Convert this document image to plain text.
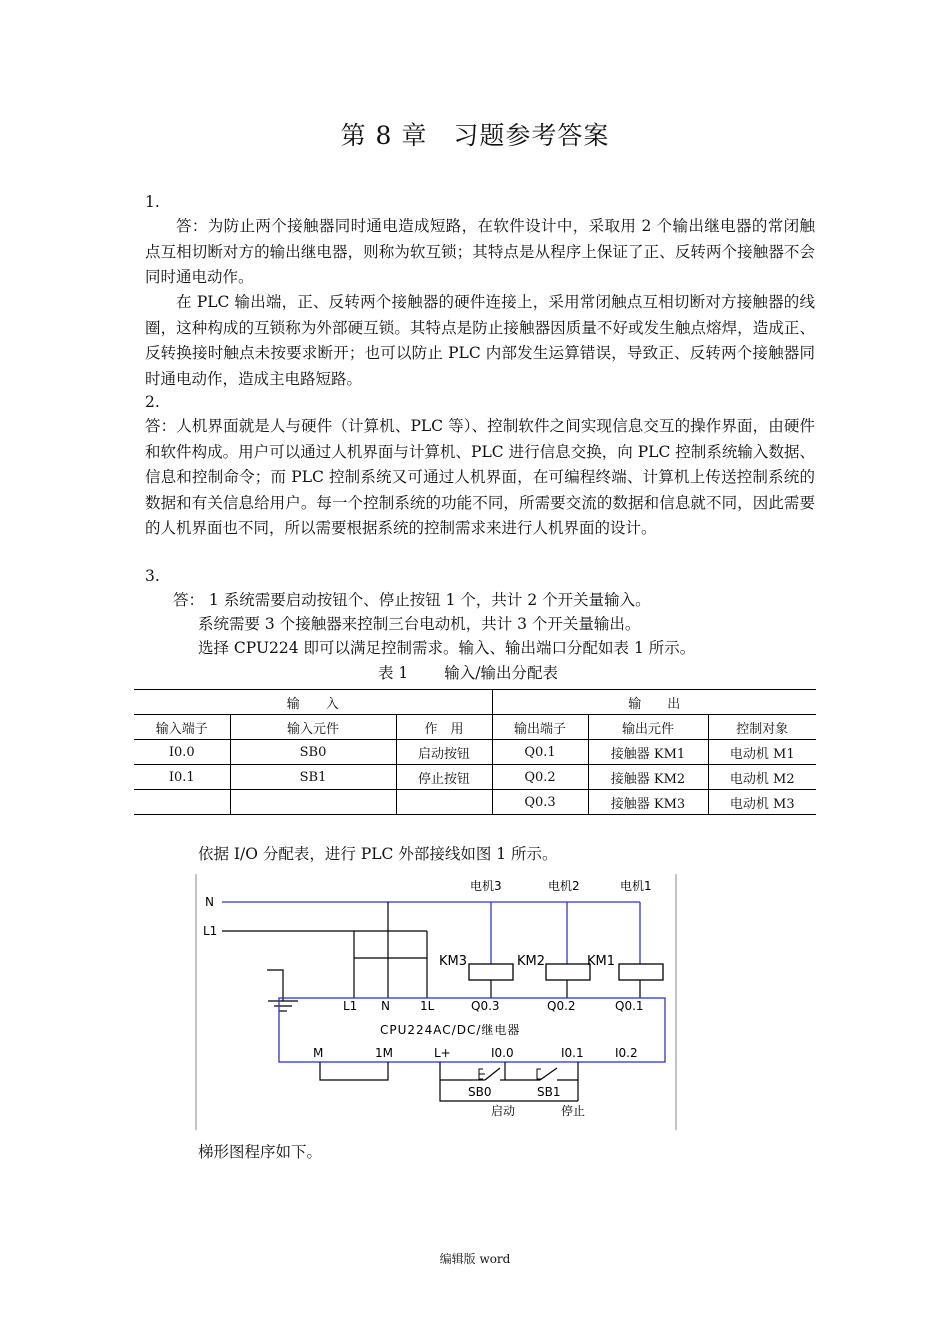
第 8 章　习题参考答案
1.
答：为防止两个接触器同时通电造成短路，在软件设计中，采取用 2 个输出继电器的常闭触点互相切断对方的输出继电器，则称为软互锁；其特点是从程序上保证了正、反转两个接触器不会同时通电动作。
在 PLC 输出端，正、反转两个接触器的硬件连接上，采用常闭触点互相切断对方接触器的线圈，这种构成的互锁称为外部硬互锁。其特点是防止接触器因质量不好或发生触点熔焊，造成正、反转换接时触点未按要求断开；也可以防止 PLC 内部发生运算错误，导致正、反转两个接触器同时通电动作，造成主电路短路。
2.
答：人机界面就是人与硬件（计算机、PLC 等）、控制软件之间实现信息交互的操作界面，由硬件和软件构成。用户可以通过人机界面与计算机、PLC 进行信息交换，向 PLC 控制系统输入数据、信息和控制命令；而 PLC 控制系统又可通过人机界面，在可编程终端、计算机上传送控制系统的数据和有关信息给用户。每一个控制系统的功能不同，所需要交流的数据和信息就不同，因此需要的人机界面也不同，所以需要根据系统的控制需求来进行人机界面的设计。
3.
答： 1 系统需要启动按钮个、停止按钮 1 个，共计 2 个开关量输入。
系统需要 3 个接触器来控制三台电动机，共计 3 个开关量输出。
选择 CPU224 即可以满足控制需求。输入、输出端口分配如表 1 所示。
表 1　　 输入/输出分配表
输　　入			输　　出		
输入端子	输入元件	作　用	输出端子	输出元件	控制对象
I0.0	SB0	启动按钮	Q0.1	接触器 KM1	电动机 M1
I0.1	SB1	停止按钮	Q0.2	接触器 KM2	电动机 M2
			Q0.3	接触器 KM3	电动机 M3
依据 I/O 分配表，进行 PLC 外部接线如图 1 所示。
电机3	电机2	电机1
N
L1
KM3	KM2	KM1
L1 N	1L	Q0.3	Q0.2	Q0.1
CPU224AC/DC/继电器
M	1M	L+	I0.0	I0.1	I0.2
SB0	SB1
启动	停止
梯形图程序如下。
编辑版 word
